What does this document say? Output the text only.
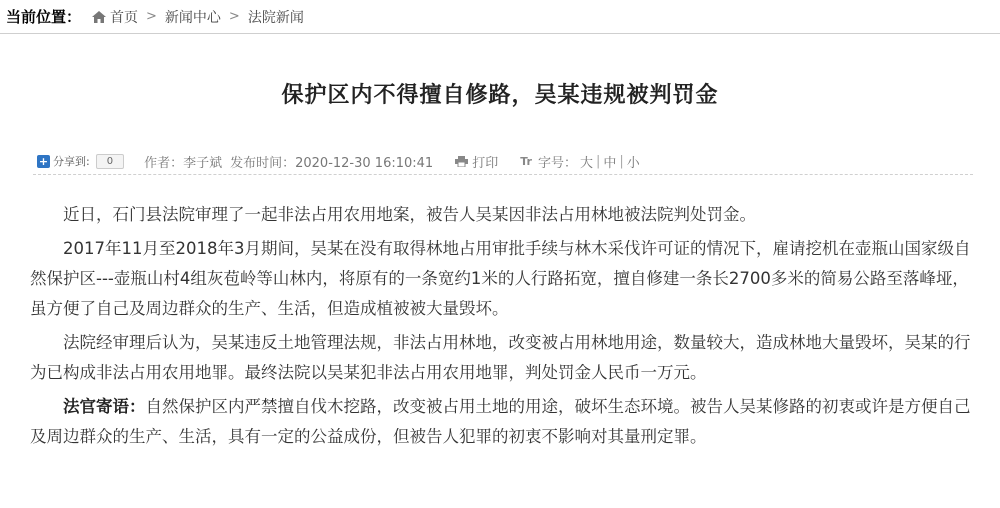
当前位置： 首页 > 新闻中心 > 法院新闻
保护区内不得擅自修路，吴某违规被判罚金
+ 分享到:	0	作者：李子斌 发布时间：2020-12-30 16:10:41	打印 Tr 字号： 大 | 中 | 小

近日，石门县法院审理了一起非法占用农用地案，被告人吴某因非法占用林地被法院判处罚金。

2017年11月至2018年3月期间，吴某在没有取得林地占用审批手续与林木采伐许可证的情况下，雇请挖机在壶瓶山国家级自然保护区---壶瓶山村4组灰苞岭等山林内，将原有的一条宽约1米的人行路拓宽，擅自修建一条长2700多米的简易公路至落峰垭，虽方便了自己及周边群众的生产、生活，但造成植被被大量毁坏。

法院经审理后认为，吴某违反土地管理法规，非法占用林地，改变被占用林地用途，数量较大，造成林地大量毁坏，吴某的行为已构成非法占用农用地罪。最终法院以吴某犯非法占用农用地罪，判处罚金人民币一万元。

法官寄语：自然保护区内严禁擅自伐木挖路，改变被占用土地的用途，破坏生态环境。被告人吴某修路的初衷或许是方便自己及周边群众的生产、生活，具有一定的公益成份，但被告人犯罪的初衷不影响对其量刑定罪。
